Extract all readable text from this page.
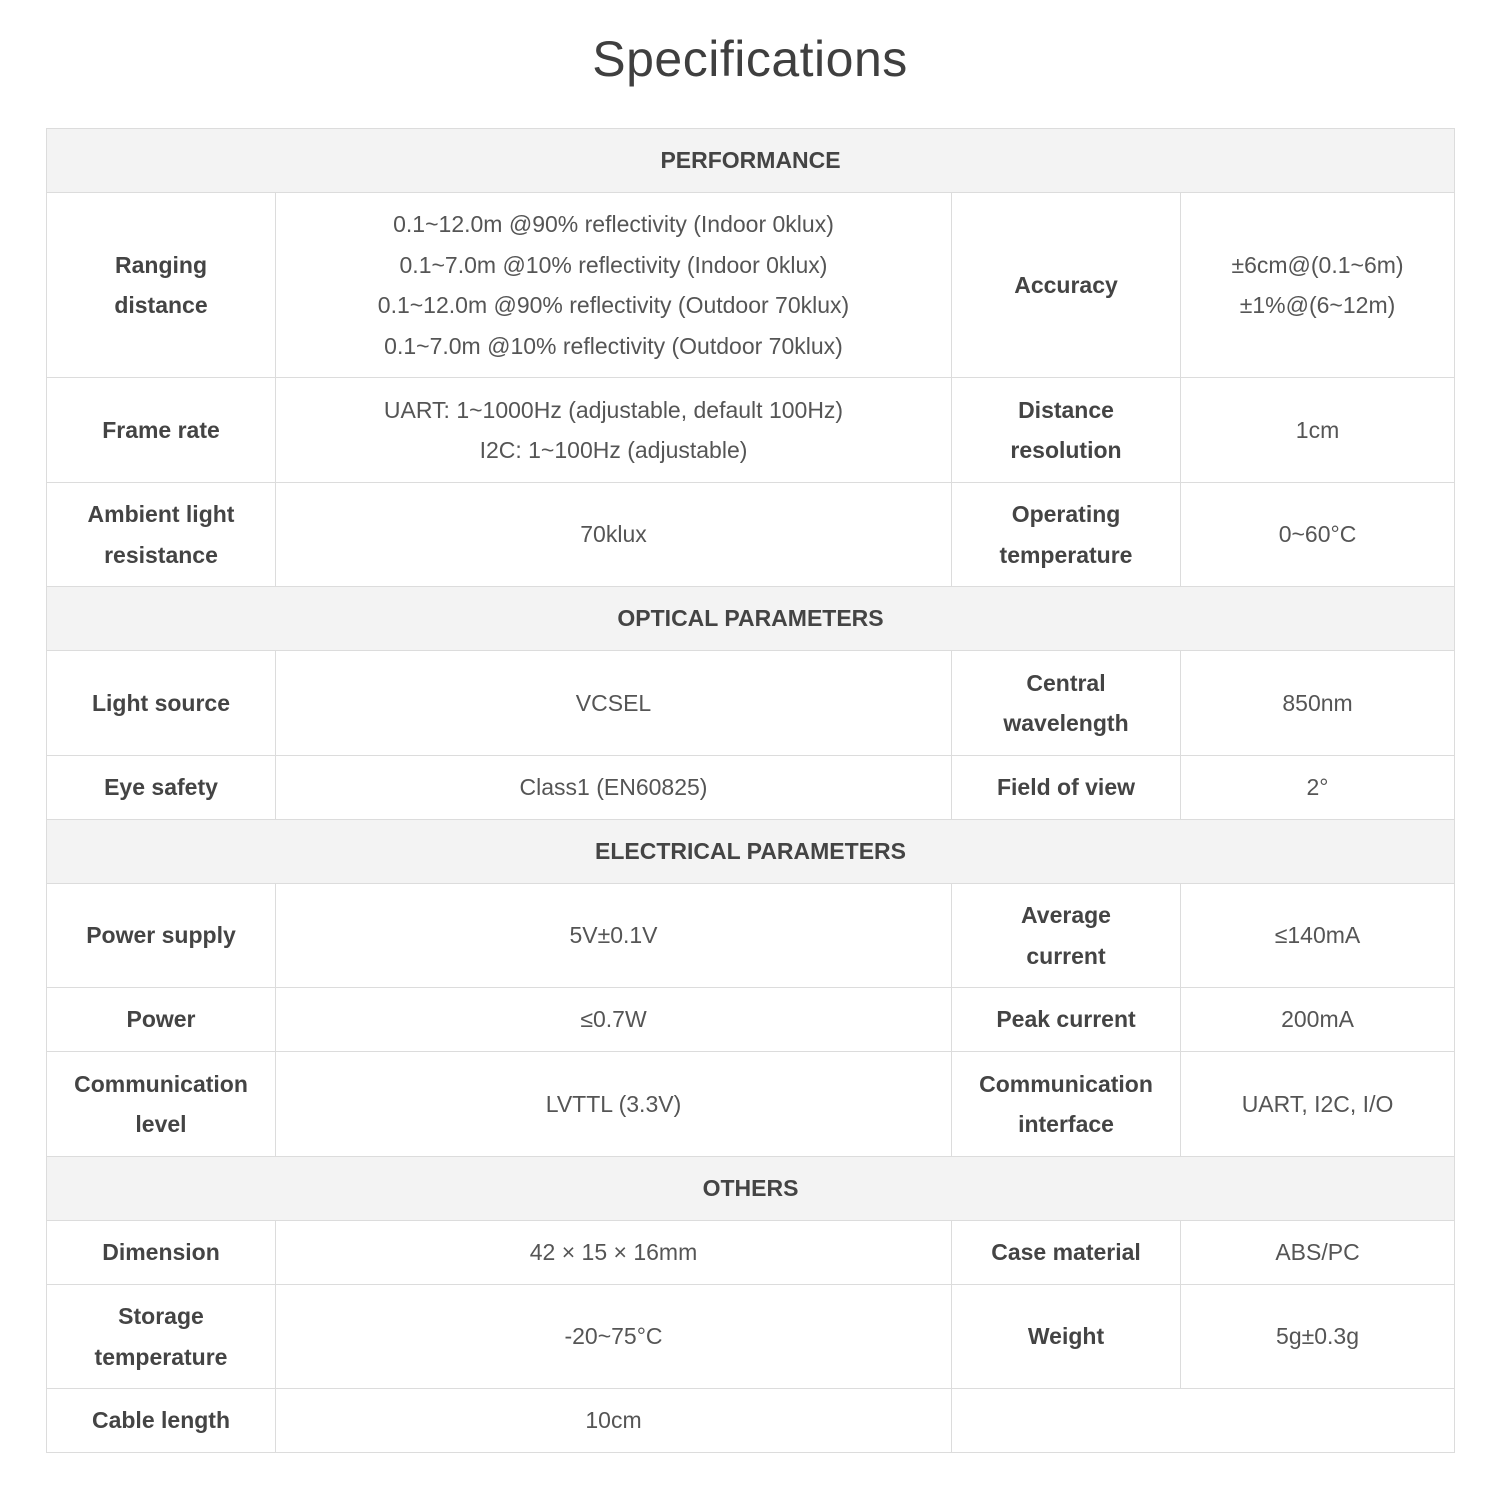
Specifications
PERFORMANCE			

Ranging distance	0.1~12.0m @90% reflectivity (Indoor 0klux)
0.1~7.0m @10% reflectivity (Indoor 0klux)
0.1~12.0m @90% reflectivity (Outdoor 70klux)
0.1~7.0m @10% reflectivity (Outdoor 70klux)	Accuracy	±6cm@(0.1~6m)
±1%@(6~12m)

Frame rate	UART: 1~1000Hz (adjustable, default 100Hz)
I2C: 1~100Hz (adjustable)	Distance resolution	1cm
Ambient light resistance	70klux	Operating temperature	0~60°C
OPTICAL PARAMETERS			
Light source	VCSEL	Central wavelength	850nm
Eye safety	Class1 (EN60825)	Field of view	2°
ELECTRICAL PARAMETERS			
Power supply	5V±0.1V	Average current	≤140mA
Power	≤0.7W	Peak current	200mA
Communication level	LVTTL (3.3V)	Communication interface	UART, I2C, I/O
OTHERS			
Dimension	42 × 15 × 16mm	Case material	ABS/PC
Storage temperature	-20~75°C	Weight	5g±0.3g
Cable length	10cm		
